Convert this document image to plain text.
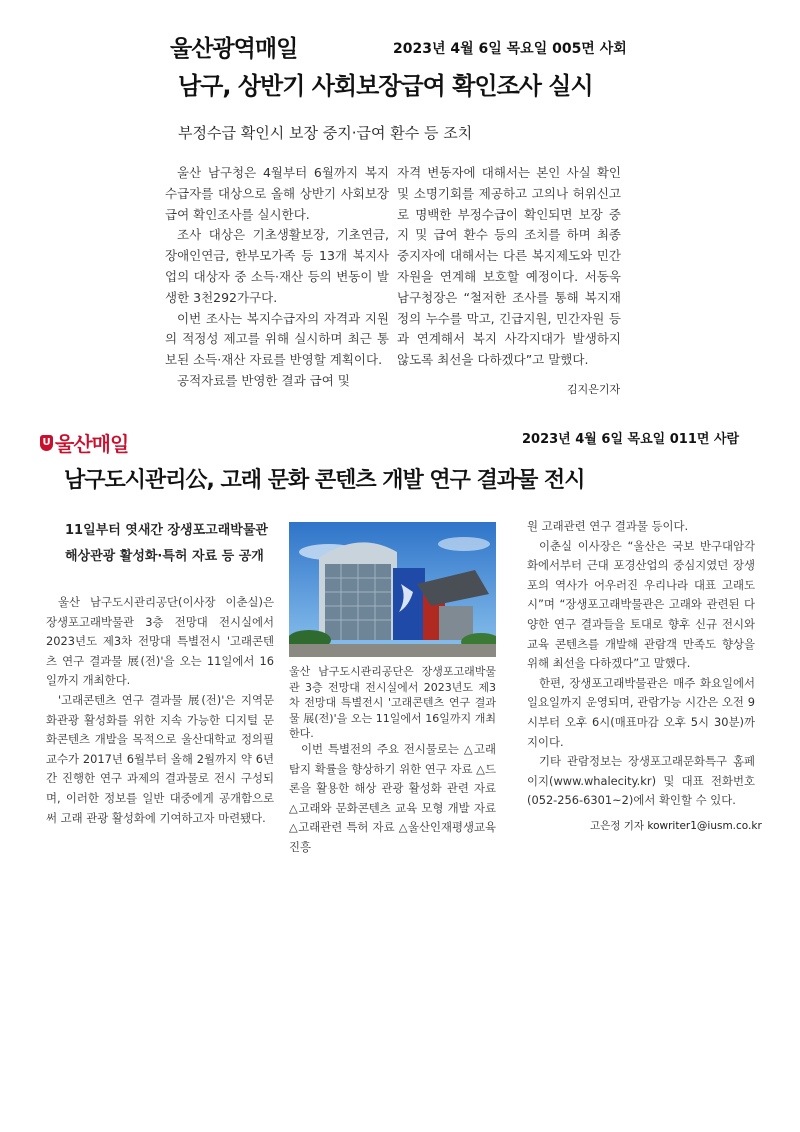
울산광역매일	2023년 4월 6일 목요일 005면 사회
남구, 상반기 사회보장급여 확인조사 실시
부정수급 확인시 보장 중지·급여 환수 등 조치

울산 남구청은 4월부터 6월까지 복지수급자를 대상으로 올해 상반기 사회보장급여 확인조사를 실시한다.

조사 대상은 기초생활보장, 기초연금, 장애인연금, 한부모가족 등 13개 복지사업의 대상자 중 소득·재산 등의 변동이 발생한 3천292가구다.

이번 조사는 복지수급자의 자격과 지원의 적정성 제고를 위해 실시하며 최근 통보된 소득·재산 자료를 반영할 계획이다.

공적자료를 반영한 결과 급여 및

자격 변동자에 대해서는 본인 사실 확인 및 소명기회를 제공하고 고의나 허위신고로 명백한 부정수급이 확인되면 보장 중지 및 급여 환수 등의 조치를 하며 최종 중지자에 대해서는 다른 복지제도와 민간자원을 연계해 보호할 예정이다. 서동욱 남구청장은 “철저한 조사를 통해 복지재정의 누수를 막고, 긴급지원, 민간자원 등과 연계해서 복지 사각지대가 발생하지 않도록 최선을 다하겠다”고 말했다.

김지은기자
U 울산매일	2023년 4월 6일 목요일 011면 사람
남구도시관리公, 고래 문화 콘텐츠 개발 연구 결과물 전시
11일부터 엿새간 장생포고래박물관
해상관광 활성화·특허 자료 등 공개

울산 남구도시관리공단(이사장 이춘실)은 장생포고래박물관 3층 전망대 전시실에서 2023년도 제3차 전망대 특별전시 '고래콘텐츠 연구 결과물 展(전)'을 오는 11일에서 16일까지 개최한다.

'고래콘텐츠 연구 결과물 展(전)'은 지역문화관광 활성화를 위한 지속 가능한 디지털 문화콘텐츠 개발을 목적으로 울산대학교 정의필 교수가 2017년 6월부터 올해 2월까지 약 6년 간 진행한 연구 과제의 결과물로 전시 구성되며, 이러한 정보를 일반 대중에게 공개함으로써 고래 관광 활성화에 기여하고자 마련됐다.

울산 남구도시관리공단은 장생포고래박물관 3층 전망대 전시실에서 2023년도 제3차 전망대 특별전시 '고래콘텐츠 연구 결과물 展(전)'을 오는 11일에서 16일까지 개최한다.

이번 특별전의 주요 전시물로는 △고래 탐지 확률을 향상하기 위한 연구 자료 △드론을 활용한 해상 관광 활성화 관련 자료 △고래와 문화콘텐츠 교육 모형 개발 자료 △고래관련 특허 자료 △울산인재평생교육진흥

원 고래관련 연구 결과물 등이다.

이춘실 이사장은 “울산은 국보 반구대암각화에서부터 근대 포경산업의 중심지였던 장생포의 역사가 어우러진 우리나라 대표 고래도시”며 “장생포고래박물관은 고래와 관련된 다양한 연구 결과들을 토대로 향후 신규 전시와 교육 콘텐츠를 개발해 관람객 만족도 향상을 위해 최선을 다하겠다”고 말했다.

한편, 장생포고래박물관은 매주 화요일에서 일요일까지 운영되며, 관람가능 시간은 오전 9시부터 오후 6시(매표마감 오후 5시 30분)까지이다.

기타 관람정보는 장생포고래문화특구 홈페이지(www.whalecity.kr) 및 대표 전화번호(052-256-6301~2)에서 확인할 수 있다.

고은정 기자 kowriter1@iusm.co.kr
